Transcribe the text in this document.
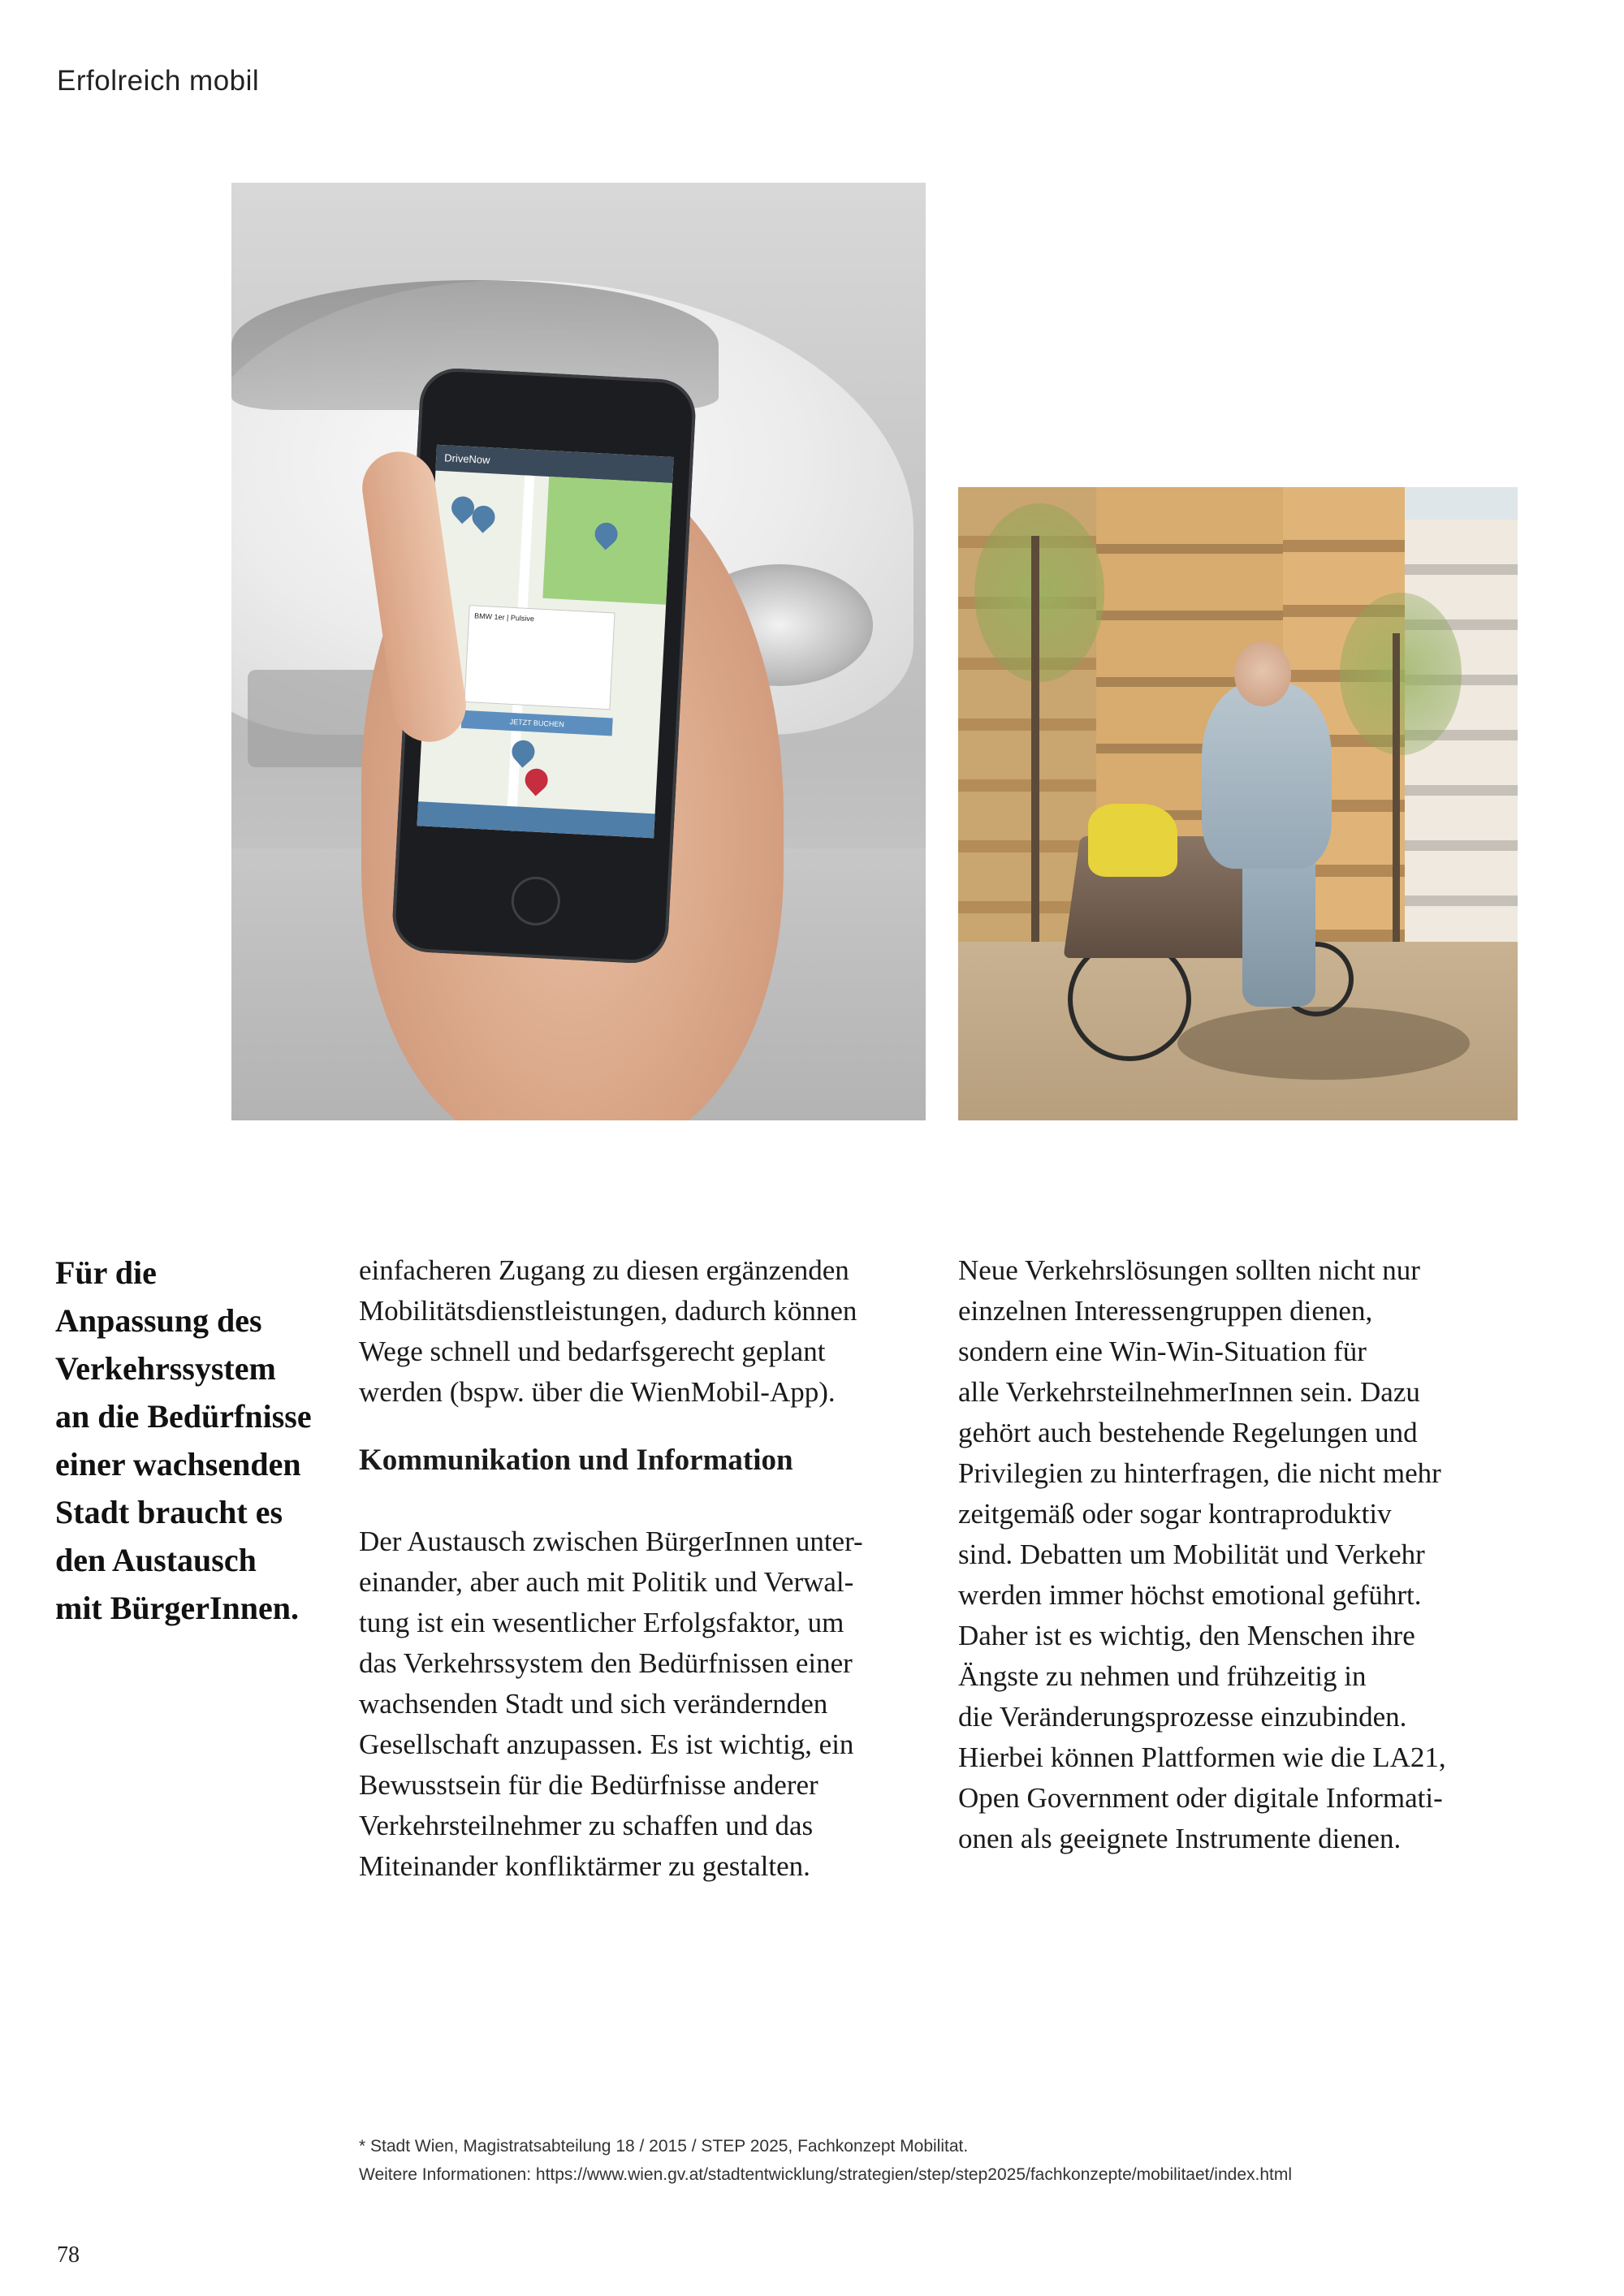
Erfolreich mobil
DriveNow
BMW 1er | Pulsive
JETZT BUCHEN
Für die
Anpassung des
Verkehrssystem
an die Bedürfnisse
einer wachsenden
Stadt braucht es
den Austausch
mit BürgerInnen.

einfacheren Zugang zu diesen ergänzenden
Mobilitätsdienstleistungen, dadurch können
Wege schnell und bedarfsgerecht geplant
werden (bspw. über die WienMobil-App).

Kommunikation und Information

Der Austausch zwischen BürgerInnen unter-
einander, aber auch mit Politik und Verwal-
tung ist ein wesentlicher Erfolgsfaktor, um
das Verkehrssystem den Bedürfnissen einer
wachsenden Stadt und sich verändernden
Gesellschaft anzupassen. Es ist wichtig, ein
Bewusstsein für die Bedürfnisse anderer
Verkehrsteilnehmer zu schaffen und das
Miteinander konfliktärmer zu gestalten.

Neue Verkehrslösungen sollten nicht nur
einzelnen Interessengruppen dienen,
sondern eine Win-Win-Situation für
alle VerkehrsteilnehmerInnen sein. Dazu
gehört auch bestehende Regelungen und
Privilegien zu hinterfragen, die nicht mehr
zeitgemäß oder sogar kontraproduktiv
sind. Debatten um Mobilität und Verkehr
werden immer höchst emotional geführt.
Daher ist es wichtig, den Menschen ihre
Ängste zu nehmen und frühzeitig in
die Veränderungsprozesse einzubinden.
Hierbei können Plattformen wie die LA21,
Open Government oder digitale Informati-
onen als geeignete Instrumente dienen.

* Stadt Wien, Magistratsabteilung 18 / 2015 / STEP 2025, Fachkonzept Mobilitat.
Weitere Informationen: https://www.wien.gv.at/stadtentwicklung/strategien/step/step2025/fachkonzepte/mobilitaet/index.html
78
